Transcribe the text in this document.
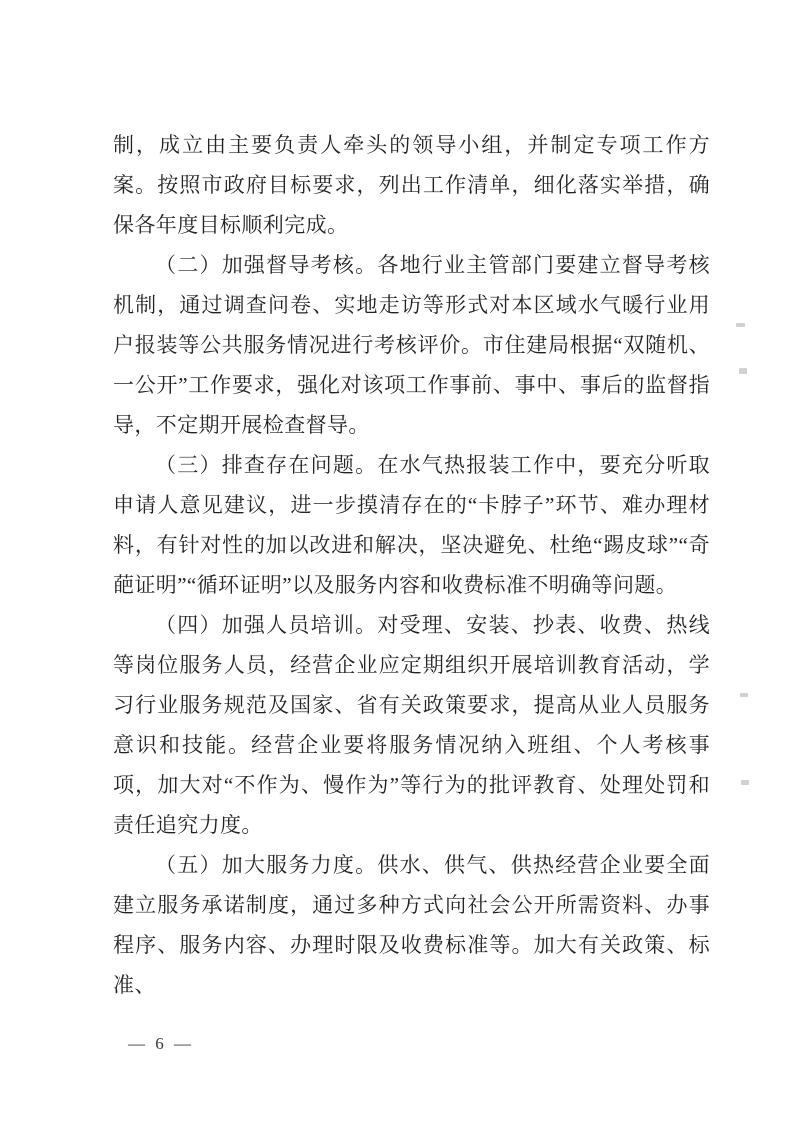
制，成立由主要负责人牵头的领导小组，并制定专项工作方案。按照市政府目标要求，列出工作清单，细化落实举措，确保各年度目标顺利完成。

（二）加强督导考核。各地行业主管部门要建立督导考核机制，通过调查问卷、实地走访等形式对本区域水气暖行业用户报装等公共服务情况进行考核评价。市住建局根据“双随机、一公开”工作要求，强化对该项工作事前、事中、事后的监督指导，不定期开展检查督导。

（三）排查存在问题。在水气热报装工作中，要充分听取申请人意见建议，进一步摸清存在的“卡脖子”环节、难办理材料，有针对性的加以改进和解决，坚决避免、杜绝“踢皮球”“奇葩证明”“循环证明”以及服务内容和收费标准不明确等问题。

（四）加强人员培训。对受理、安装、抄表、收费、热线等岗位服务人员，经营企业应定期组织开展培训教育活动，学习行业服务规范及国家、省有关政策要求，提高从业人员服务意识和技能。经营企业要将服务情况纳入班组、个人考核事项，加大对“不作为、慢作为”等行为的批评教育、处理处罚和责任追究力度。

（五）加大服务力度。供水、供气、供热经营企业要全面建立服务承诺制度，通过多种方式向社会公开所需资料、办事程序、服务内容、办理时限及收费标准等。加大有关政策、标准、

— 6 —
